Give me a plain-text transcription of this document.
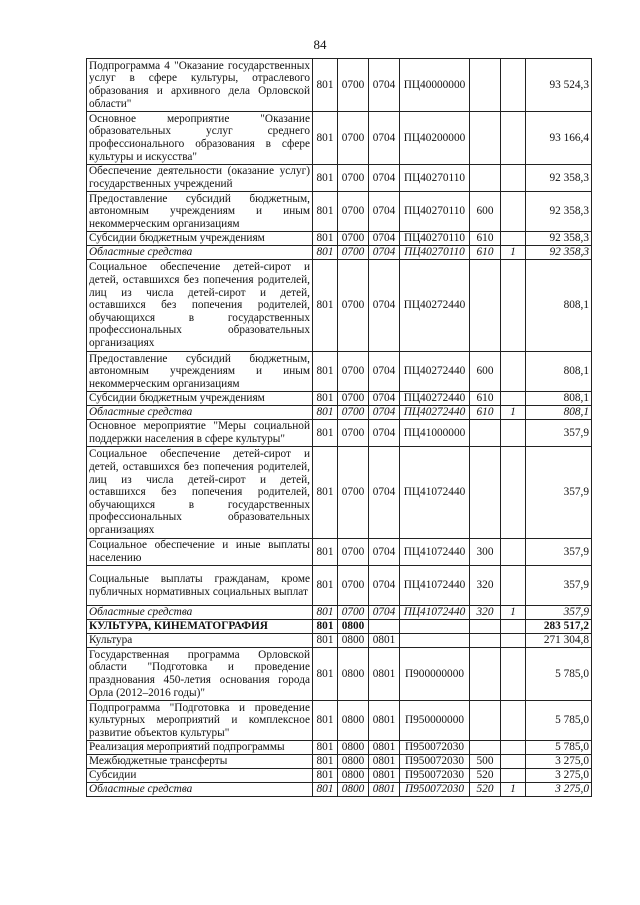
84
Подпрограмма 4 "Оказание государственных услуг в сфере культуры, отраслевого образования и архивного дела Орловской области"	801	0700	0704	ПЦ40000000			93 524,3
Основное мероприятие "Оказание образовательных услуг среднего профессионального образования в сфере культуры и искусства"	801	0700	0704	ПЦ40200000			93 166,4
Обеспечение деятельности (оказание услуг) государственных учреждений	801	0700	0704	ПЦ40270110			92 358,3
Предоставление субсидий бюджетным, автономным учреждениям и иным некоммерческим организациям	801	0700	0704	ПЦ40270110	600		92 358,3
Субсидии бюджетным учреждениям	801	0700	0704	ПЦ40270110	610		92 358,3
Областные средства	801	0700	0704	ПЦ40270110	610	1	92 358,3
Социальное обеспечение детей-сирот и детей, оставшихся без попечения родителей, лиц из числа детей-сирот и детей, оставшихся без попечения родителей, обучающихся в государственных профессиональных образовательных организациях	801	0700	0704	ПЦ40272440			808,1
Предоставление субсидий бюджетным, автономным учреждениям и иным некоммерческим организациям	801	0700	0704	ПЦ40272440	600		808,1
Субсидии бюджетным учреждениям	801	0700	0704	ПЦ40272440	610		808,1
Областные средства	801	0700	0704	ПЦ40272440	610	1	808,1
Основное мероприятие "Меры социальной поддержки населения в сфере культуры"	801	0700	0704	ПЦ41000000			357,9
Социальное обеспечение детей-сирот и детей, оставшихся без попечения родителей, лиц из числа детей-сирот и детей, оставшихся без попечения родителей, обучающихся в государственных профессиональных образовательных организациях	801	0700	0704	ПЦ41072440			357,9
Социальное обеспечение и иные выплаты населению	801	0700	0704	ПЦ41072440	300		357,9
Социальные выплаты гражданам, кроме публичных нормативных социальных выплат	801	0700	0704	ПЦ41072440	320		357,9
Областные средства	801	0700	0704	ПЦ41072440	320	1	357,9
КУЛЬТУРА, КИНЕМАТОГРАФИЯ	801	0800					283 517,2
Культура	801	0800	0801				271 304,8
Государственная программа Орловской области "Подготовка и проведение празднования 450-летия основания города Орла (2012–2016 годы)"	801	0800	0801	П900000000			5 785,0
Подпрограмма "Подготовка и проведение культурных мероприятий и комплексное развитие объектов культуры"	801	0800	0801	П950000000			5 785,0
Реализация мероприятий подпрограммы	801	0800	0801	П950072030			5 785,0
Межбюджетные трансферты	801	0800	0801	П950072030	500		3 275,0
Субсидии	801	0800	0801	П950072030	520		3 275,0
Областные средства	801	0800	0801	П950072030	520	1	3 275,0
